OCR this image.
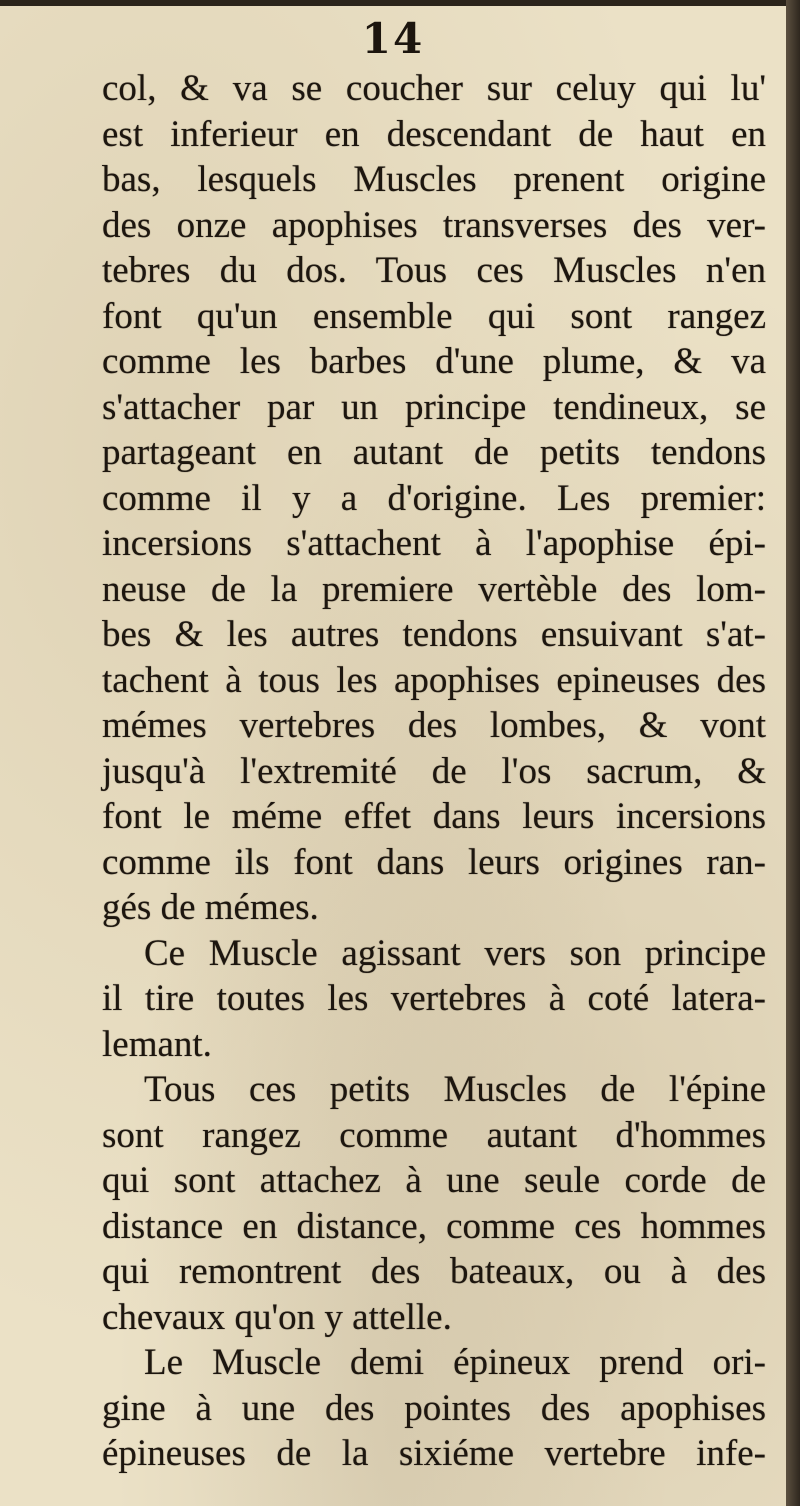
14
col, & va se coucher sur celuy qui lu'
est inferieur en descendant de haut en
bas, lesquels Muscles prenent origine
des onze apophises transverses des ver-
tebres du dos. Tous ces Muscles n'en
font qu'un ensemble qui sont rangez
comme les barbes d'une plume, & va
s'attacher par un principe tendineux, se
partageant en autant de petits tendons
comme il y a d'origine. Les premier:
incersions s'attachent à l'apophise épi-
neuse de la premiere vertèble des lom-
bes & les autres tendons ensuivant s'at-
tachent à tous les apophises epineuses des
mémes vertebres des lombes, & vont
jusqu'à l'extremité de l'os sacrum, &
font le méme effet dans leurs incersions
comme ils font dans leurs origines ran-
gés de mémes.
Ce Muscle agissant vers son principe
il tire toutes les vertebres à coté latera-
lemant.
Tous ces petits Muscles de l'épine
sont rangez comme autant d'hommes
qui sont attachez à une seule corde de
distance en distance, comme ces hommes
qui remontrent des bateaux, ou à des
chevaux qu'on y attelle.
Le Muscle demi épineux prend ori-
gine à une des pointes des apophises
épineuses de la sixiéme vertebre infe-
